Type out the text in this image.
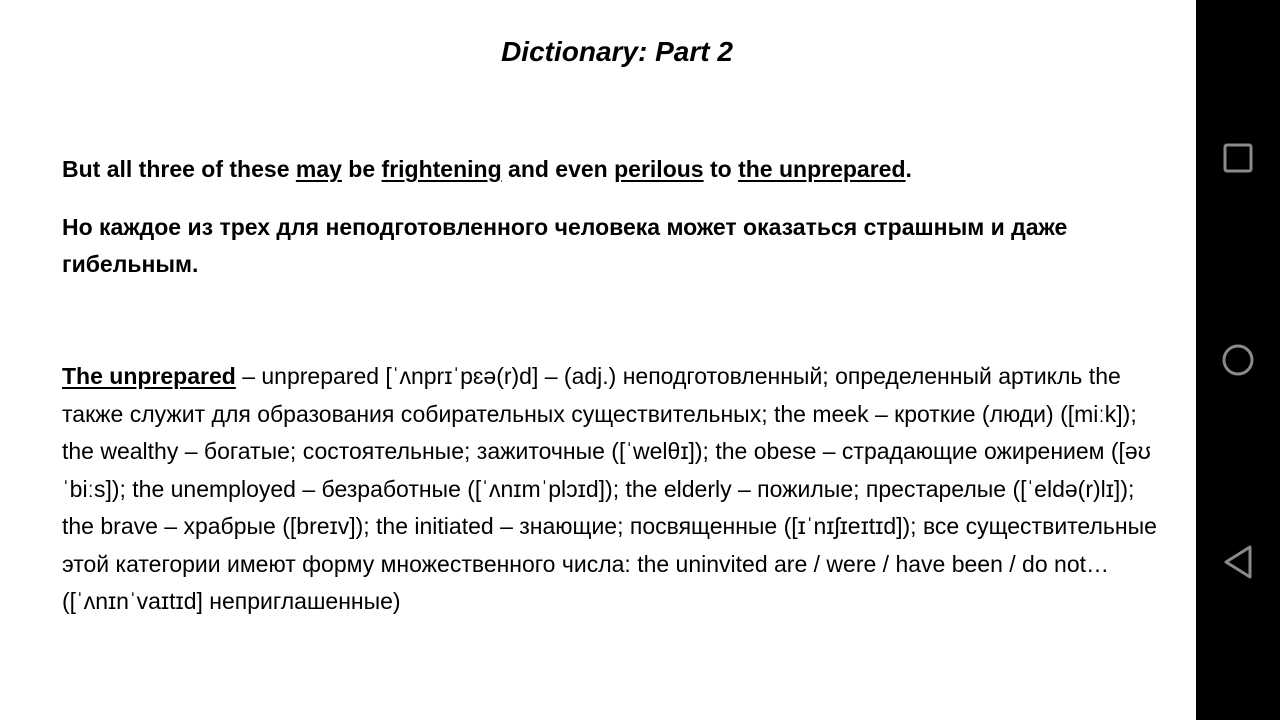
Dictionary: Part 2
But all three of these may be frightening and even perilous to the unprepared.
Но каждое из трех для неподготовленного человека может оказаться страшным и даже гибельным.
The unprepared – unprepared [ˈʌnprɪˈpɛə(r)d] – (adj.) неподготовленный; определенный артикль the также служит для образования собирательных существительных; the meek – кроткие (люди) ([miːk]); the wealthy – богатые; состоятельные; зажиточные ([ˈwelθɪ]); the obese – страдающие ожирением ([əʊˈbiːs]); the unemployed – безработные ([ˈʌnɪmˈplɔɪd]); the elderly – пожилые; престарелые ([ˈeldə(r)lɪ]); the brave – храбрые ([breɪv]); the initiated – знающие; посвященные ([ɪˈnɪʃɪeɪtɪd]); все существительные этой категории имеют форму множественного числа: the uninvited are / were / have been / do not… ([ˈʌnɪnˈvaɪtɪd] неприглашенные)
